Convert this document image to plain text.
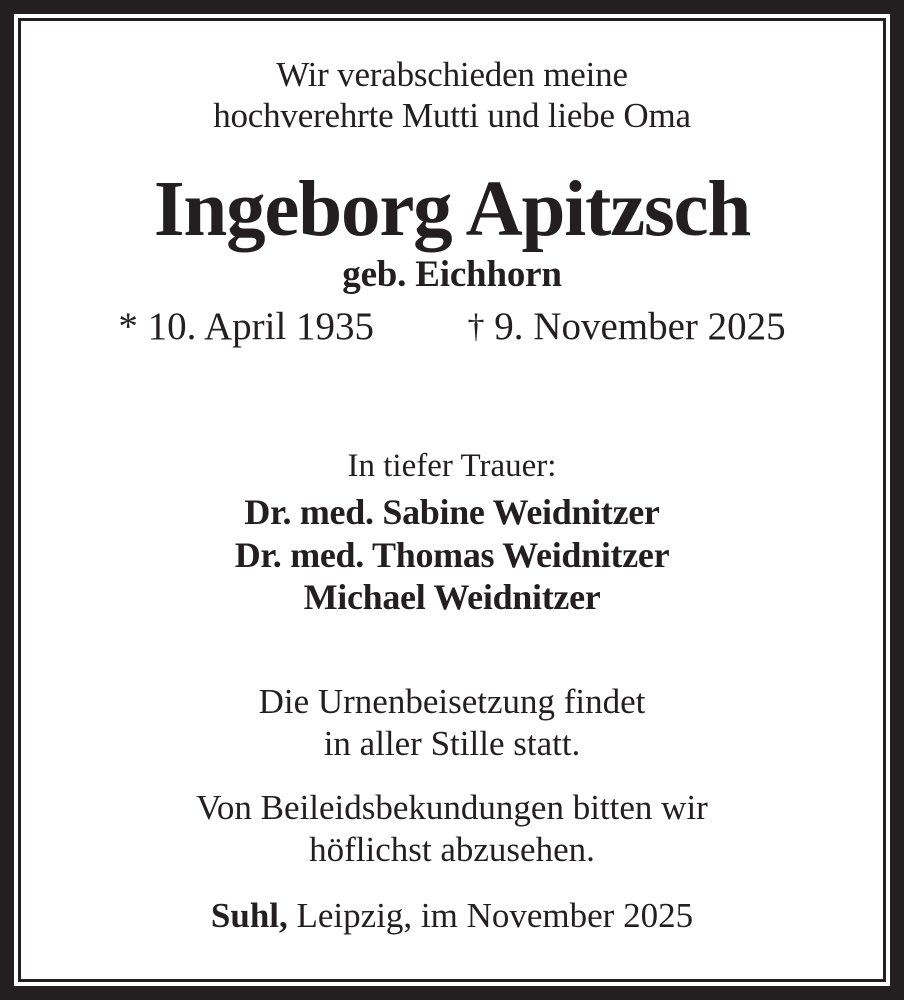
Wir verabschieden meine
hochverehrte Mutti und liebe Oma
Ingeborg Apitzsch
geb. Eichhorn
* 10. April 1935	† 9. November 2025
In tiefer Trauer:
Dr. med. Sabine Weidnitzer
Dr. med. Thomas Weidnitzer
Michael Weidnitzer

Die Urnenbeisetzung findet
in aller Stille statt.

Von Beileidsbekundungen bitten wir
höflichst abzusehen.

Suhl, Leipzig, im November 2025
